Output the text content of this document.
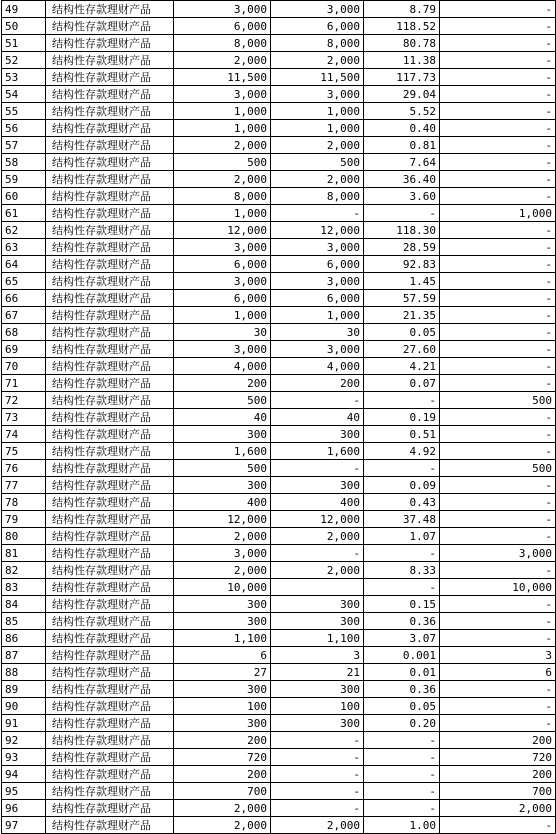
49	结构性存款理财产品	3,000	3,000	8.79	-
50	结构性存款理财产品	6,000	6,000	118.52	-
51	结构性存款理财产品	8,000	8,000	80.78	-
52	结构性存款理财产品	2,000	2,000	11.38	-
53	结构性存款理财产品	11,500	11,500	117.73	-
54	结构性存款理财产品	3,000	3,000	29.04	-
55	结构性存款理财产品	1,000	1,000	5.52	-
56	结构性存款理财产品	1,000	1,000	0.40	-
57	结构性存款理财产品	2,000	2,000	0.81	-
58	结构性存款理财产品	500	500	7.64	-
59	结构性存款理财产品	2,000	2,000	36.40	-
60	结构性存款理财产品	8,000	8,000	3.60	-
61	结构性存款理财产品	1,000	-	-	1,000
62	结构性存款理财产品	12,000	12,000	118.30	-
63	结构性存款理财产品	3,000	3,000	28.59	-
64	结构性存款理财产品	6,000	6,000	92.83	-
65	结构性存款理财产品	3,000	3,000	1.45	-
66	结构性存款理财产品	6,000	6,000	57.59	-
67	结构性存款理财产品	1,000	1,000	21.35	-
68	结构性存款理财产品	30	30	0.05	-
69	结构性存款理财产品	3,000	3,000	27.60	-
70	结构性存款理财产品	4,000	4,000	4.21	-
71	结构性存款理财产品	200	200	0.07	-
72	结构性存款理财产品	500	-	-	500
73	结构性存款理财产品	40	40	0.19	-
74	结构性存款理财产品	300	300	0.51	-
75	结构性存款理财产品	1,600	1,600	4.92	-
76	结构性存款理财产品	500	-	-	500
77	结构性存款理财产品	300	300	0.09	-
78	结构性存款理财产品	400	400	0.43	-
79	结构性存款理财产品	12,000	12,000	37.48	-
80	结构性存款理财产品	2,000	2,000	1.07	-
81	结构性存款理财产品	3,000	-	-	3,000
82	结构性存款理财产品	2,000	2,000	8.33	-
83	结构性存款理财产品	10,000		-	10,000
84	结构性存款理财产品	300	300	0.15	-
85	结构性存款理财产品	300	300	0.36	-
86	结构性存款理财产品	1,100	1,100	3.07	-
87	结构性存款理财产品	6	3	0.001	3
88	结构性存款理财产品	27	21	0.01	6
89	结构性存款理财产品	300	300	0.36	-
90	结构性存款理财产品	100	100	0.05	-
91	结构性存款理财产品	300	300	0.20	-
92	结构性存款理财产品	200	-	-	200
93	结构性存款理财产品	720	-	-	720
94	结构性存款理财产品	200	-	-	200
95	结构性存款理财产品	700	-	-	700
96	结构性存款理财产品	2,000	-	-	2,000
97	结构性存款理财产品	2,000	2,000	1.00	-
